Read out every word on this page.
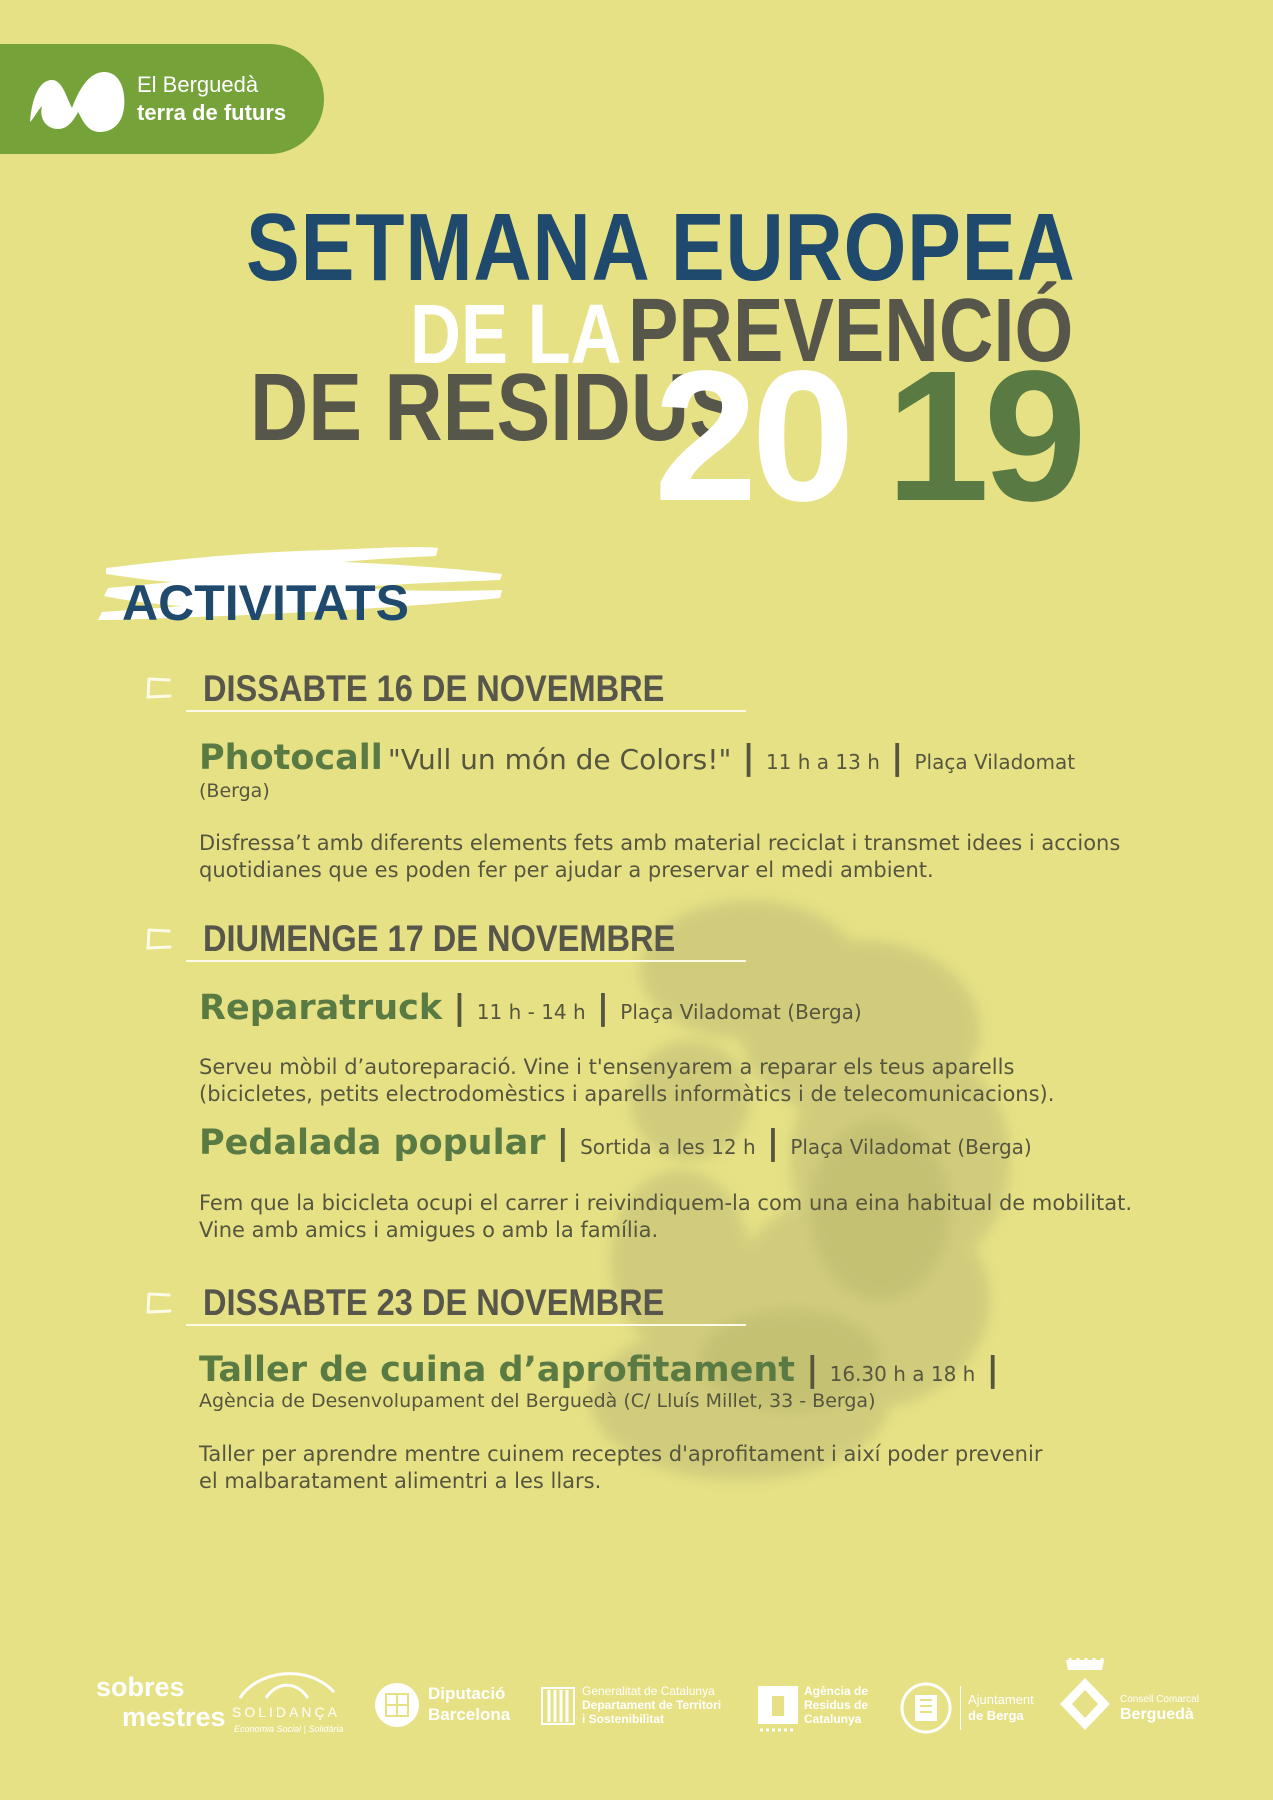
El Berguedà
terra de futurs
SETMANA EUROPEA
DE LA PREVENCIÓ
DE RESIDUS
20 19
ACTIVITATS
DISSABTE 16 DE NOVEMBRE
Photocall "Vull un món de Colors!" | 11 h a 13 h | Plaça Viladomat
(Berga)
Disfressa’t amb diferents elements fets amb material reciclat i transmet idees i accions
quotidianes que es poden fer per ajudar a preservar el medi ambient.
DIUMENGE 17 DE NOVEMBRE
Reparatruck | 11 h - 14 h | Plaça Viladomat (Berga)
Serveu mòbil d’autoreparació. Vine i t'ensenyarem a reparar els teus aparells
(bicicletes, petits electrodomèstics i aparells informàtics i de telecomunicacions).
Pedalada popular | Sortida a les 12 h | Plaça Viladomat (Berga)
Fem que la bicicleta ocupi el carrer i reivindiquem-la com una eina habitual de mobilitat.
Vine amb amics i amigues o amb la família.
DISSABTE 23 DE NOVEMBRE
Taller de cuina d’aprofitament | 16.30 h a 18 h |
Agència de Desenvolupament del Berguedà (C/ Lluís Millet, 33 - Berga)
Taller per aprendre mentre cuinem receptes d'aprofitament i així poder prevenir
el malbaratament alimentri a les llars.
sobres
mestres SOLIDANÇA
Economia Social | Solidària
Diputació
Barcelona
Generalitat de Catalunya
Departament de Territori
i Sostenibilitat
Agència de
Residus de
Catalunya
Ajuntament
de Berga
Consell Comarcal
Berguedà
